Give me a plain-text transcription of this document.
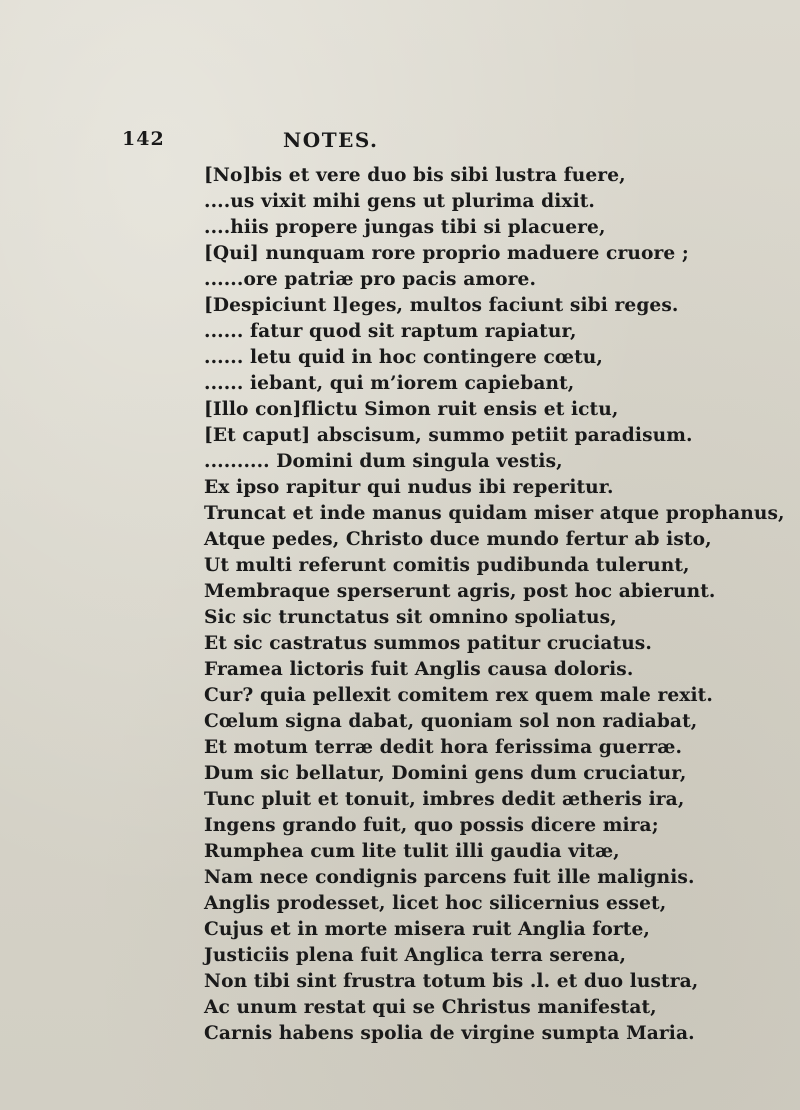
142	NOTES.
[No]bis et vere duo bis sibi lustra fuere,
....us vixit mihi gens ut plurima dixit.
....hiis propere jungas tibi si placuere,
[Qui] nunquam rore proprio maduere cruore ;
......ore patriæ pro pacis amore.
[Despiciunt l]eges, multos faciunt sibi reges.
...... fatur quod sit raptum rapiatur,
...... letu quid in hoc contingere cœtu,
...... iebant, qui m’iorem capiebant,
[Illo con]flictu Simon ruit ensis et ictu,
[Et caput] abscisum, summo petiit paradisum.
.......... Domini dum singula vestis,
Ex ipso rapitur qui nudus ibi reperitur.
Truncat et inde manus quidam miser atque prophanus,
Atque pedes, Christo duce mundo fertur ab isto,
Ut multi referunt comitis pudibunda tulerunt,
Membraque sperserunt agris, post hoc abierunt.
Sic sic trunctatus sit omnino spoliatus,
Et sic castratus summos patitur cruciatus.
Framea lictoris fuit Anglis causa doloris.
Cur? quia pellexit comitem rex quem male rexit.
Cœlum signa dabat, quoniam sol non radiabat,
Et motum terræ dedit hora ferissima guerræ.
Dum sic bellatur, Domini gens dum cruciatur,
Tunc pluit et tonuit, imbres dedit ætheris ira,
Ingens grando fuit, quo possis dicere mira;
Rumphea cum lite tulit illi gaudia vitæ,
Nam nece condignis parcens fuit ille malignis.
Anglis prodesset, licet hoc silicernius esset,
Cujus et in morte misera ruit Anglia forte,
Justiciis plena fuit Anglica terra serena,
Non tibi sint frustra totum bis .l. et duo lustra,
Ac unum restat qui se Christus manifestat,
Carnis habens spolia de virgine sumpta Maria.
